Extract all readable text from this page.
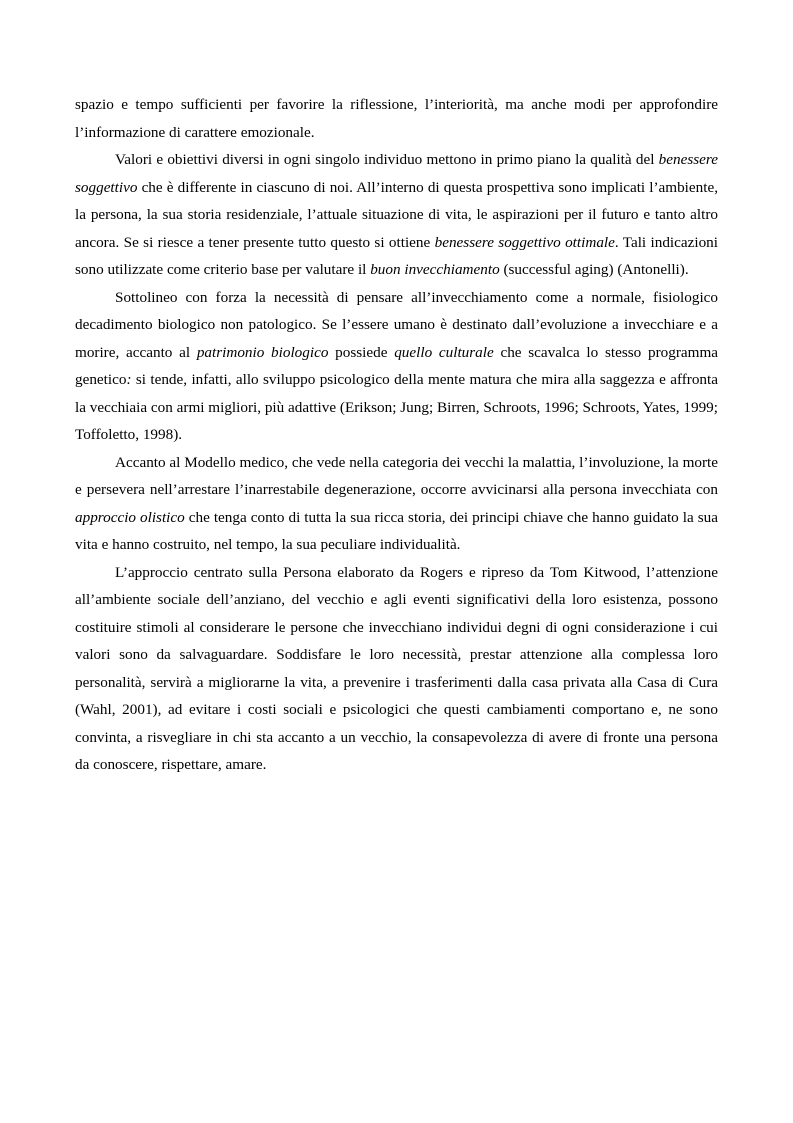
spazio e tempo sufficienti per favorire la riflessione, l’interiorità, ma anche modi per approfondire l’informazione di carattere emozionale.

Valori e obiettivi diversi in ogni singolo individuo mettono in primo piano la qualità del benessere soggettivo che è differente in ciascuno di noi. All’interno di questa prospettiva sono implicati l’ambiente, la persona, la sua storia residenziale, l’attuale situazione di vita, le aspirazioni per il futuro e tanto altro ancora. Se si riesce a tener presente tutto questo si ottiene benessere soggettivo ottimale. Tali indicazioni sono utilizzate come criterio base per valutare il buon invecchiamento (successful aging) (Antonelli).

Sottolineo con forza la necessità di pensare all’invecchiamento come a normale, fisiologico decadimento biologico non patologico. Se l’essere umano è destinato dall’evoluzione a invecchiare e a morire, accanto al patrimonio biologico possiede quello culturale che scavalca lo stesso programma genetico: si tende, infatti, allo sviluppo psicologico della mente matura che mira alla saggezza e affronta la vecchiaia con armi migliori, più adattive (Erikson; Jung; Birren, Schroots, 1996; Schroots, Yates, 1999; Toffoletto, 1998).

Accanto al Modello medico, che vede nella categoria dei vecchi la malattia, l’involuzione, la morte e persevera nell’arrestare l’inarrestabile degenerazione, occorre avvicinarsi alla persona invecchiata con approccio olistico che tenga conto di tutta la sua ricca storia, dei principi chiave che hanno guidato la sua vita e hanno costruito, nel tempo, la sua peculiare individualità.

L’approccio centrato sulla Persona elaborato da Rogers e ripreso da Tom Kitwood, l’attenzione all’ambiente sociale dell’anziano, del vecchio e agli eventi significativi della loro esistenza, possono costituire stimoli al considerare le persone che invecchiano individui degni di ogni considerazione i cui valori sono da salvaguardare. Soddisfare le loro necessità, prestar attenzione alla complessa loro personalità, servirà a migliorarne la vita, a prevenire i trasferimenti dalla casa privata alla Casa di Cura (Wahl, 2001), ad evitare i costi sociali e psicologici che questi cambiamenti comportano e, ne sono convinta, a risvegliare in chi sta accanto a un vecchio, la consapevolezza di avere di fronte una persona da conoscere, rispettare, amare.
